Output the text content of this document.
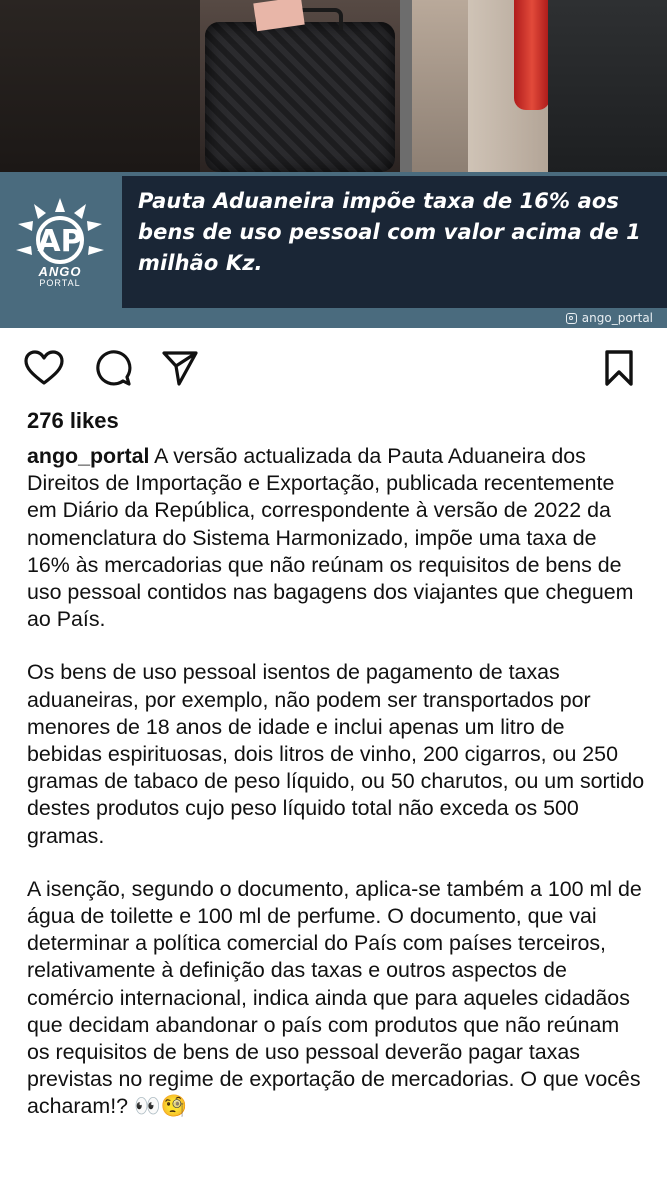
AP
ANGO
PORTAL
Pauta Aduaneira impõe taxa de 16% aos bens de uso pessoal com valor acima de 1 milhão Kz.
ango_portal
276 likes

ango_portal A versão actualizada da Pauta Aduaneira dos Direitos de Importação e Exportação, publicada recentemente em Diário da República, correspondente à versão de 2022 da nomenclatura do Sistema Harmonizado, impõe uma taxa de 16% às mercadorias que não reúnam os requisitos de bens de uso pessoal contidos nas bagagens dos viajantes que cheguem ao País.

Os bens de uso pessoal isentos de pagamento de taxas aduaneiras, por exemplo, não podem ser transportados por menores de 18 anos de idade e inclui apenas um litro de bebidas espirituosas, dois litros de vinho, 200 cigarros, ou 250 gramas de tabaco de peso líquido, ou 50 charutos, ou um sortido destes produtos cujo peso líquido total não exceda os 500 gramas.

A isenção, segundo o documento, aplica-se também a 100 ml de água de toilette e 100 ml de perfume. O documento, que vai determinar a política comercial do País com países terceiros, relativamente à definição das taxas e outros aspectos de comércio internacional, indica ainda que para aqueles cidadãos que decidam abandonar o país com produtos que não reúnam os requisitos de bens de uso pessoal deverão pagar taxas previstas no regime de exportação de mercadorias. O que vocês acharam!? 👀🧐
